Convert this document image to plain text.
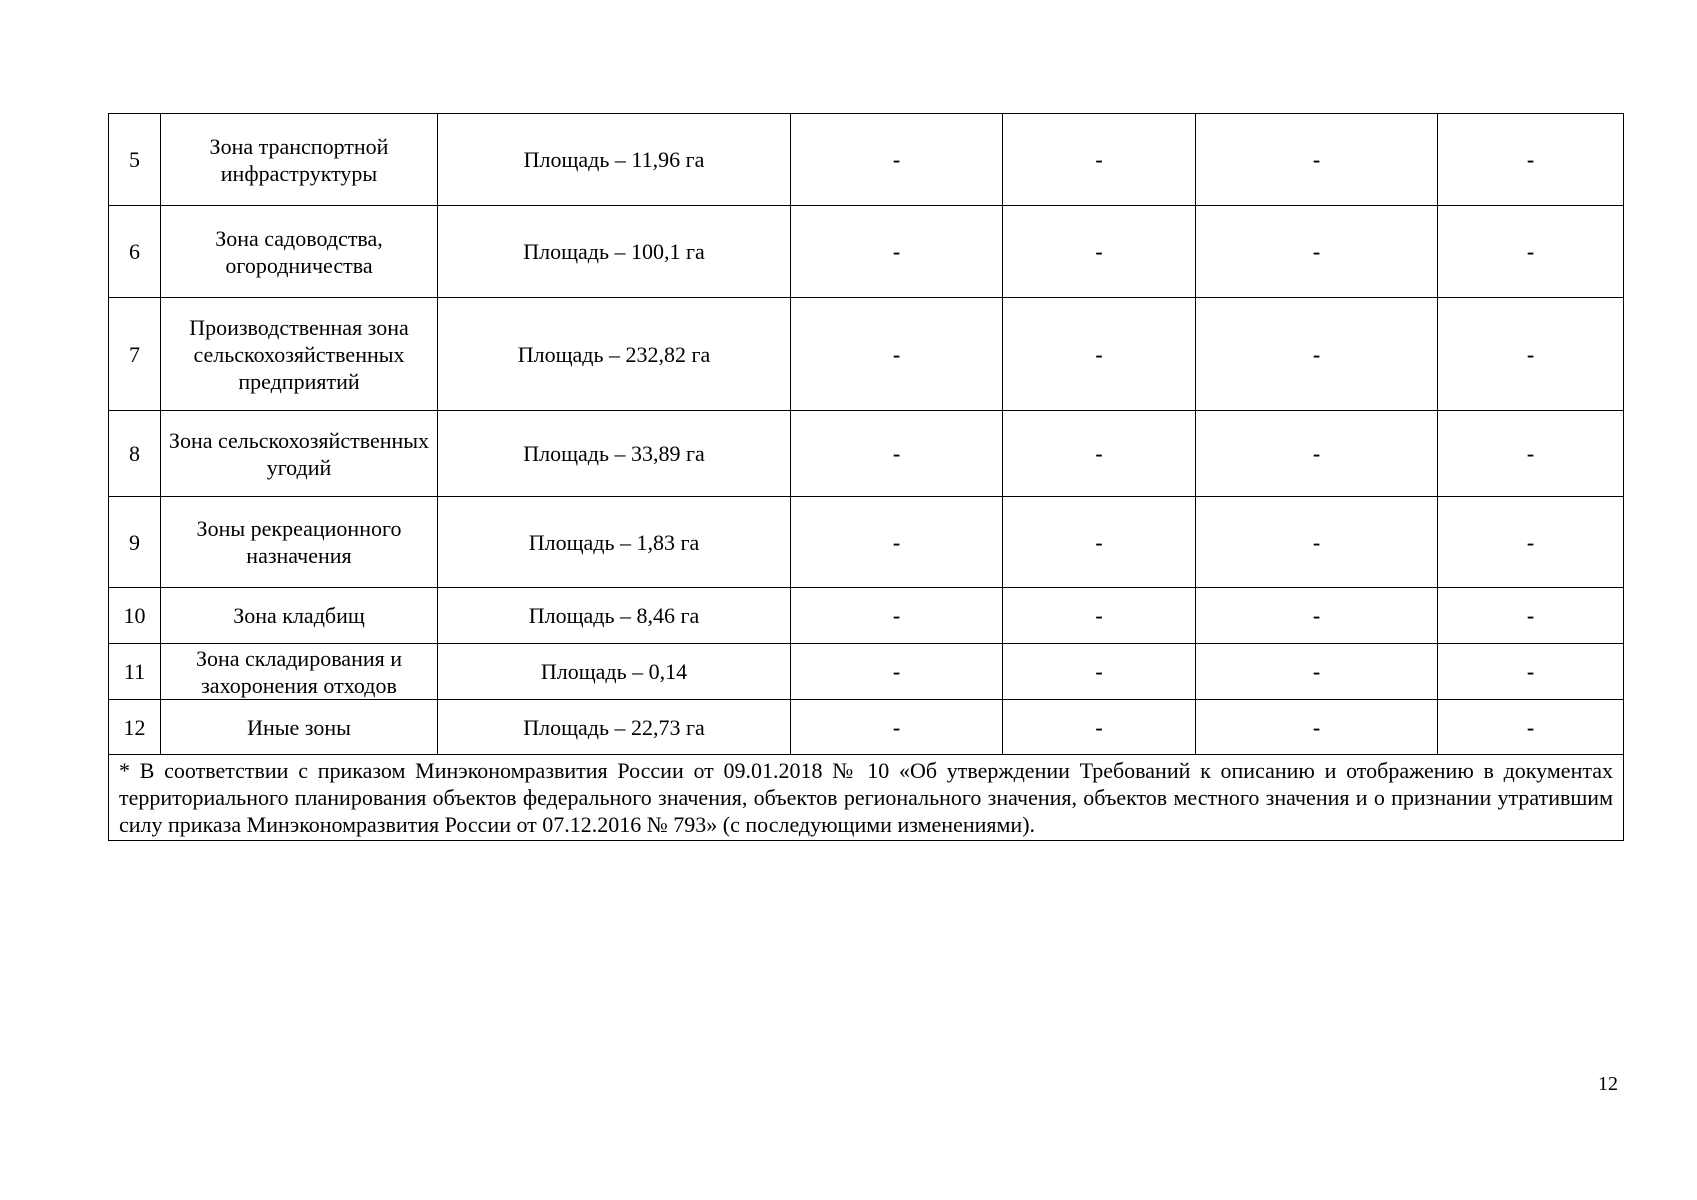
5	Зона транспортной инфраструктуры	Площадь – 11,96 га	-	-	-	-
6	Зона садоводства, огородничества	Площадь – 100,1 га	-	-	-	-
7	Производственная зона сельскохозяйственных предприятий	Площадь – 232,82 га	-	-	-	-
8	Зона сельскохозяйственных угодий	Площадь – 33,89 га	-	-	-	-
9	Зоны рекреационного назначения	Площадь – 1,83 га	-	-	-	-
10	Зона кладбищ	Площадь – 8,46 га	-	-	-	-
11	Зона складирования и захоронения отходов	Площадь – 0,14	-	-	-	-
12	Иные зоны	Площадь – 22,73 га	-	-	-	-
* В соответствии с приказом Минэкономразвития России от 09.01.2018 № 10 «Об утверждении Требований к описанию и отображению в документах территориального планирования объектов федерального значения, объектов регионального значения, объектов местного значения и о признании утратившим силу приказа Минэкономразвития России от 07.12.2016 № 793» (с последующими изменениями).						
12
